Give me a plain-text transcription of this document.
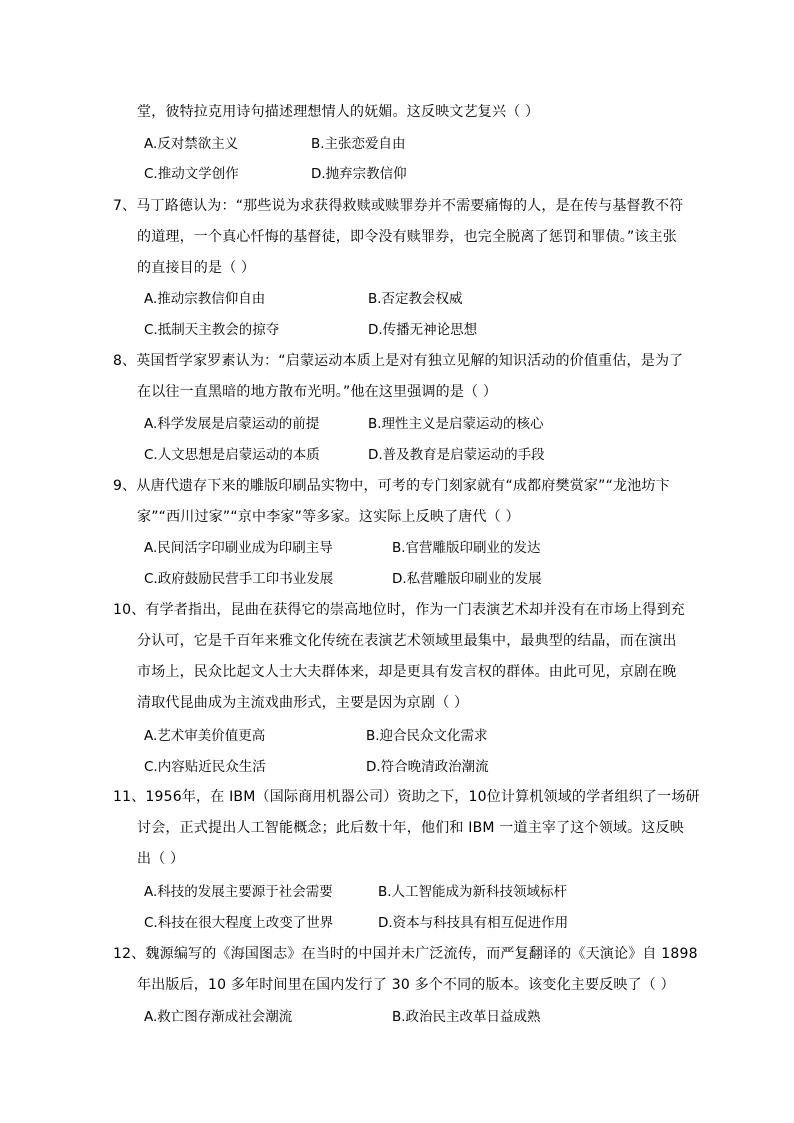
堂，彼特拉克用诗句描述理想情人的妩媚。这反映文艺复兴（ ）
A.反对禁欲主义	B.主张恋爱自由
C.推动文学创作	D.抛弃宗教信仰
7、马丁路德认为：“那些说为求获得救赎或赎罪券并不需要痛悔的人，是在传与基督教不符
的道理，一个真心忏悔的基督徒，即令没有赎罪券，也完全脱离了惩罚和罪债。”该主张
的直接目的是（ ）
A.推动宗教信仰自由	B.否定教会权威
C.抵制天主教会的掠夺	D.传播无神论思想
8、英国哲学家罗素认为：“启蒙运动本质上是对有独立见解的知识活动的价值重估，是为了
在以往一直黑暗的地方散布光明。”他在这里强调的是（ ）
A.科学发展是启蒙运动的前提	B.理性主义是启蒙运动的核心
C.人文思想是启蒙运动的本质	D.普及教育是启蒙运动的手段
9、从唐代遗存下来的雕版印刷品实物中，可考的专门刻家就有“成都府樊赏家”“龙池坊卞
家”“西川过家”“京中李家”等多家。这实际上反映了唐代（ ）
A.民间活字印刷业成为印刷主导	B.官营雕版印刷业的发达
C.政府鼓励民营手工印书业发展	D.私营雕版印刷业的发展
10、有学者指出，昆曲在获得它的崇高地位时，作为一门表演艺术却并没有在市场上得到充
分认可，它是千百年来雅文化传统在表演艺术领域里最集中，最典型的结晶，而在演出
市场上，民众比起文人士大夫群体来，却是更具有发言权的群体。由此可见，京剧在晚
清取代昆曲成为主流戏曲形式，主要是因为京剧（ ）
A.艺术审美价值更高	B.迎合民众文化需求
C.内容贴近民众生活	D.符合晚清政治潮流
11、1956年，在 IBM（国际商用机器公司）资助之下，10位计算机领域的学者组织了一场研
讨会，正式提出人工智能概念；此后数十年，他们和 IBM 一道主宰了这个领域。这反映
出（ ）
A.科技的发展主要源于社会需要	B.人工智能成为新科技领域标杆
C.科技在很大程度上改变了世界	D.资本与科技具有相互促进作用
12、魏源编写的《海国图志》在当时的中国并未广泛流传，而严复翻译的《天演论》自 1898
年出版后，10 多年时间里在国内发行了 30 多个不同的版本。该变化主要反映了（ ）
A.救亡图存渐成社会潮流	B.政治民主改革日益成熟
